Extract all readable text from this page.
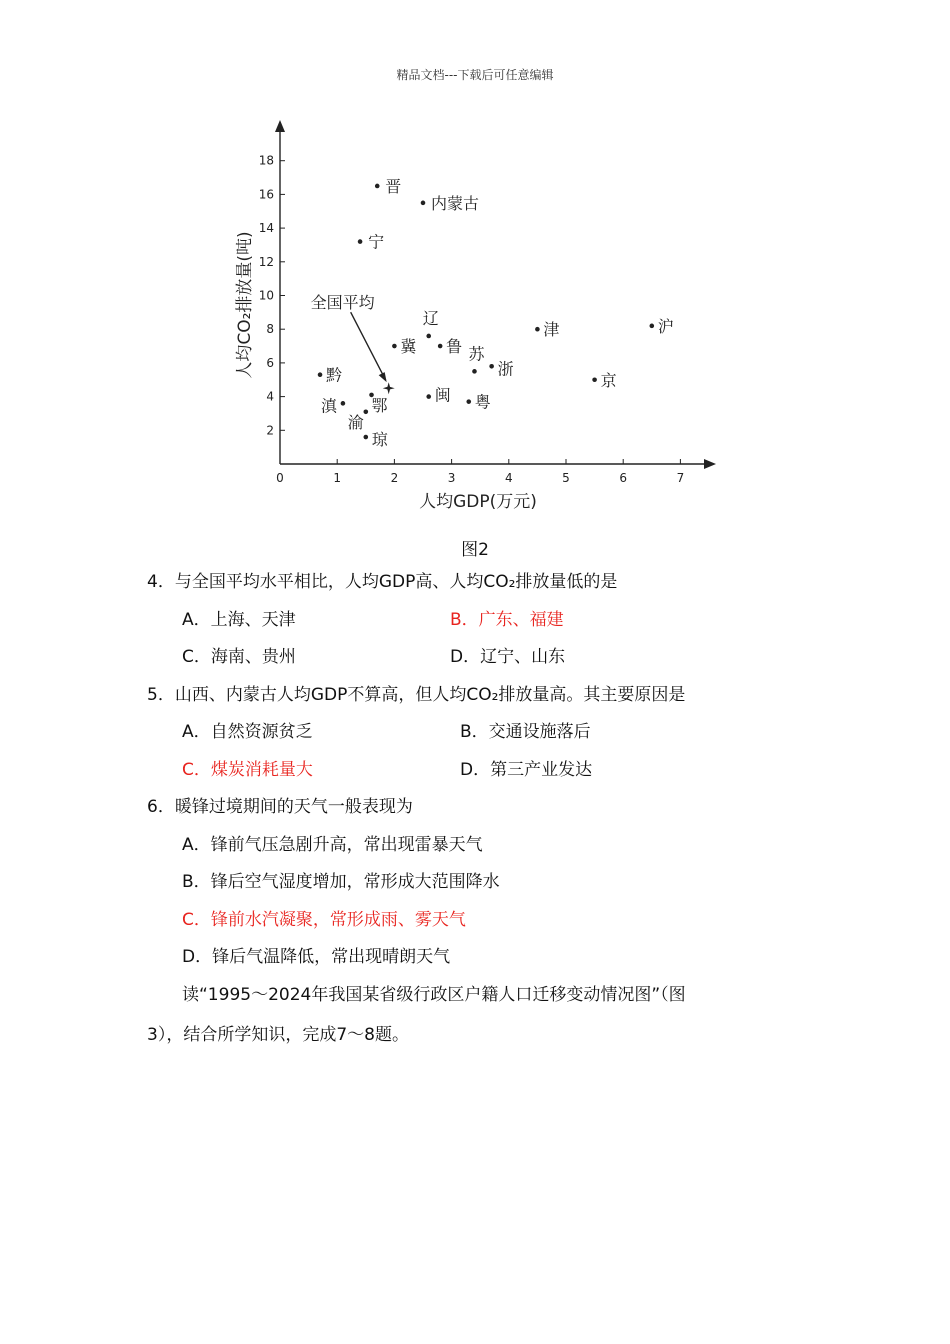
精品文档---下载后可任意编辑
人均GDP(万元)
人均CO₂排放量(吨)
0	1	2	3	4	5	6	7
2
4
6
8
10
12
14
16
18
晋
内蒙古
宁
辽
冀 鲁 苏
浙
津	沪
京
黔
滇 鄂
渝
琼
闽 粤
全国平均
图2
4．与全国平均水平相比，人均GDP高、人均CO₂排放量低的是
A．上海、天津	B．广东、福建
C．海南、贵州	D．辽宁、山东
5．山西、内蒙古人均GDP不算高，但人均CO₂排放量高。其主要原因是
A．自然资源贫乏	B．交通设施落后
C．煤炭消耗量大	D．第三产业发达
6．暖锋过境期间的天气一般表现为
A．锋前气压急剧升高，常出现雷暴天气
B．锋后空气湿度增加，常形成大范围降水
C．锋前水汽凝聚，常形成雨、雾天气
D．锋后气温降低，常出现晴朗天气
读“1995～2024年我国某省级行政区户籍人口迁移变动情况图”（图
3），结合所学知识，完成7～8题。
